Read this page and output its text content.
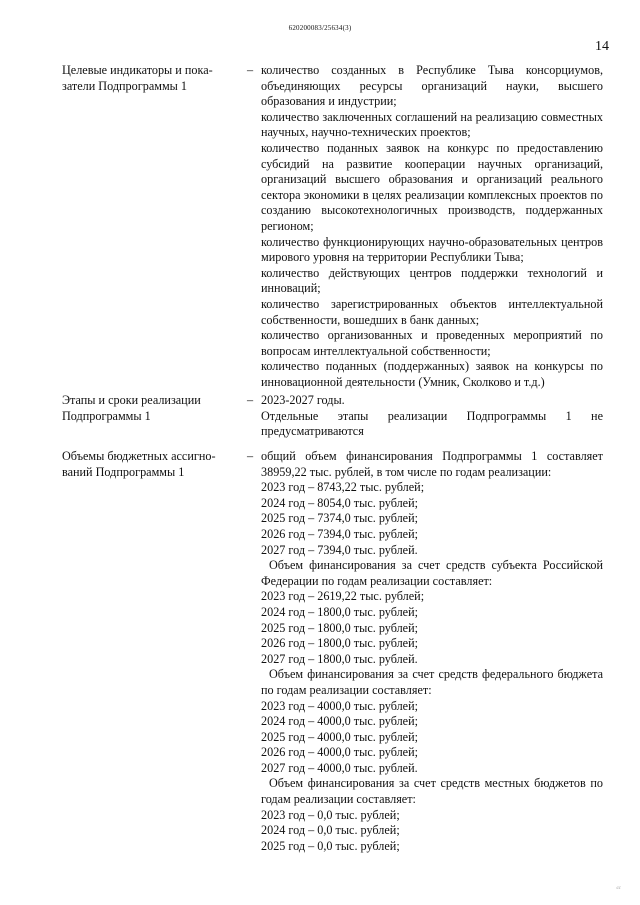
620200083/25634(3)
14
Целевые индикаторы и пока-
затели Подпрограммы 1
– количество созданных в Республике Тыва консорциумов, объединяющих ресурсы организаций науки, высшего образования и индустрии;

количество заключенных соглашений на реализацию совместных научных, научно-технических проектов;

количество поданных заявок на конкурс по предоставлению субсидий на развитие кооперации научных организаций, организаций высшего образования и организаций реального сектора экономики в целях реализации комплексных проектов по созданию высокотехнологичных производств, поддержанных регионом;

количество функционирующих научно-образовательных центров мирового уровня на территории Республики Тыва;

количество действующих центров поддержки технологий и инноваций;

количество зарегистрированных объектов интеллектуальной собственности, вошедших в банк данных;

количество организованных и проведенных мероприятий по вопросам интеллектуальной собственности;

количество поданных (поддержанных) заявок на конкурсы по инновационной деятельности (Умник, Сколково и т.д.)

Этапы и сроки реализации
Подпрограммы 1
– 2023-2027 годы.

Отдельные этапы реализации Подпрограммы 1 не предусматриваются

Объемы бюджетных ассигно-
ваний Подпрограммы 1
– общий объем финансирования Подпрограммы 1 составляет 38959,22 тыс. рублей, в том числе по годам реализации:

2023 год – 8743,22 тыс. рублей;

2024 год – 8054,0 тыс. рублей;

2025 год – 7374,0 тыс. рублей;

2026 год – 7394,0 тыс. рублей;

2027 год – 7394,0 тыс. рублей.

Объем финансирования за счет средств субъекта Российской Федерации по годам реализации составляет:

2023 год – 2619,22 тыс. рублей;

2024 год – 1800,0 тыс. рублей;

2025 год – 1800,0 тыс. рублей;

2026 год – 1800,0 тыс. рублей;

2027 год – 1800,0 тыс. рублей.

Объем финансирования за счет средств федерального бюджета по годам реализации составляет:

2023 год – 4000,0 тыс. рублей;

2024 год – 4000,0 тыс. рублей;

2025 год – 4000,0 тыс. рублей;

2026 год – 4000,0 тыс. рублей;

2027 год – 4000,0 тыс. рублей.

Объем финансирования за счет средств местных бюджетов по годам реализации составляет:

2023 год – 0,0 тыс. рублей;

2024 год – 0,0 тыс. рублей;

2025 год – 0,0 тыс. рублей;

ᶜᶜ
